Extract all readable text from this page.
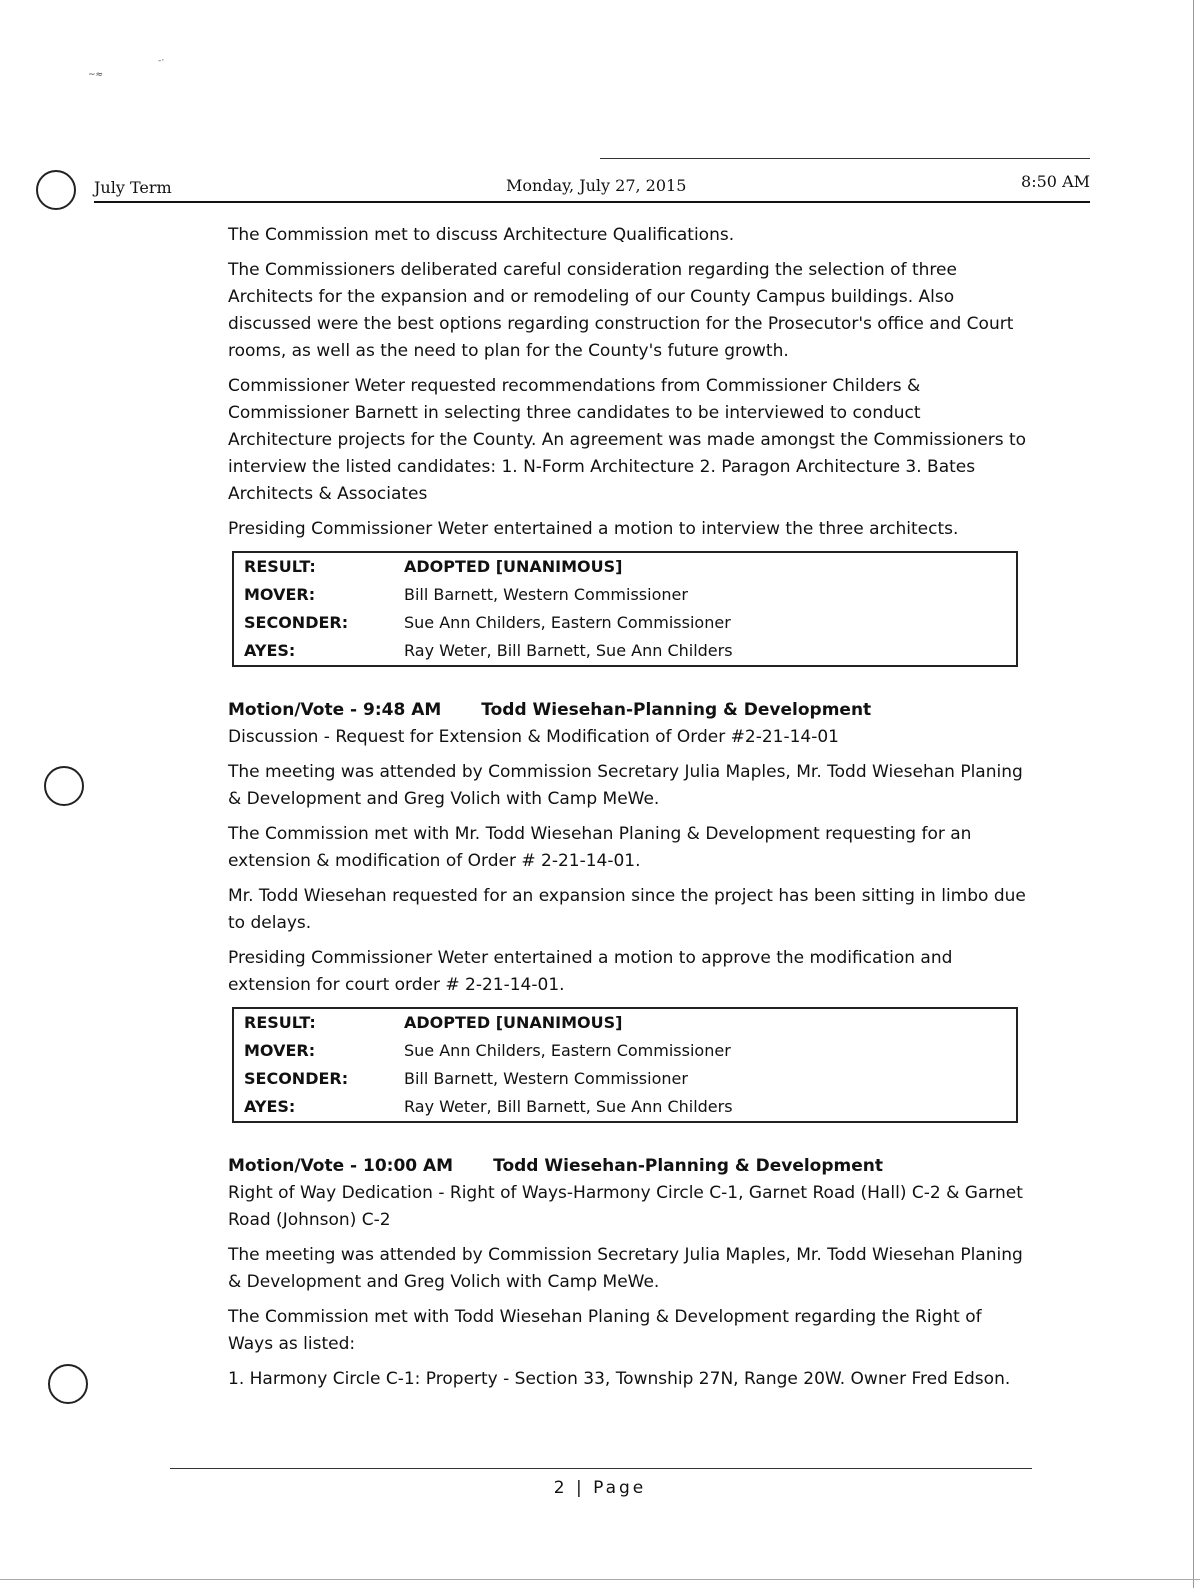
~≈
-·
July Term	Monday, July 27, 2015	8:50 AM

The Commission met to discuss Architecture Qualifications.

The Commissioners deliberated careful consideration regarding the selection of three Architects for the expansion and or remodeling of our County Campus buildings. Also discussed were the best options regarding construction for the Prosecutor's office and Court rooms, as well as the need to plan for the County's future growth.

Commissioner Weter requested recommendations from Commissioner Childers & Commissioner Barnett in selecting three candidates to be interviewed to conduct Architecture projects for the County. An agreement was made amongst the Commissioners to interview the listed candidates: 1. N-Form Architecture 2. Paragon Architecture 3. Bates Architects & Associates

Presiding Commissioner Weter entertained a motion to interview the three architects.

RESULT:	ADOPTED [UNANIMOUS]
MOVER:	Bill Barnett, Western Commissioner
SECONDER:	Sue Ann Childers, Eastern Commissioner
AYES:	Ray Weter, Bill Barnett, Sue Ann Childers
Motion/Vote - 9:48 AM Todd Wiesehan-Planning & Development

Discussion - Request for Extension & Modification of Order #2-21-14-01

The meeting was attended by Commission Secretary Julia Maples, Mr. Todd Wiesehan Planing & Development and Greg Volich with Camp MeWe.

The Commission met with Mr. Todd Wiesehan Planing & Development requesting for an extension & modification of Order # 2-21-14-01.

Mr. Todd Wiesehan requested for an expansion since the project has been sitting in limbo due to delays.

Presiding Commissioner Weter entertained a motion to approve the modification and extension for court order # 2-21-14-01.

RESULT:	ADOPTED [UNANIMOUS]
MOVER:	Sue Ann Childers, Eastern Commissioner
SECONDER:	Bill Barnett, Western Commissioner
AYES:	Ray Weter, Bill Barnett, Sue Ann Childers
Motion/Vote - 10:00 AM Todd Wiesehan-Planning & Development

Right of Way Dedication - Right of Ways-Harmony Circle C-1, Garnet Road (Hall) C-2 & Garnet Road (Johnson) C-2

The meeting was attended by Commission Secretary Julia Maples, Mr. Todd Wiesehan Planing & Development and Greg Volich with Camp MeWe.

The Commission met with Todd Wiesehan Planing & Development regarding the Right of Ways as listed:

1. Harmony Circle C-1: Property - Section 33, Township 27N, Range 20W. Owner Fred Edson.

2 | Page
